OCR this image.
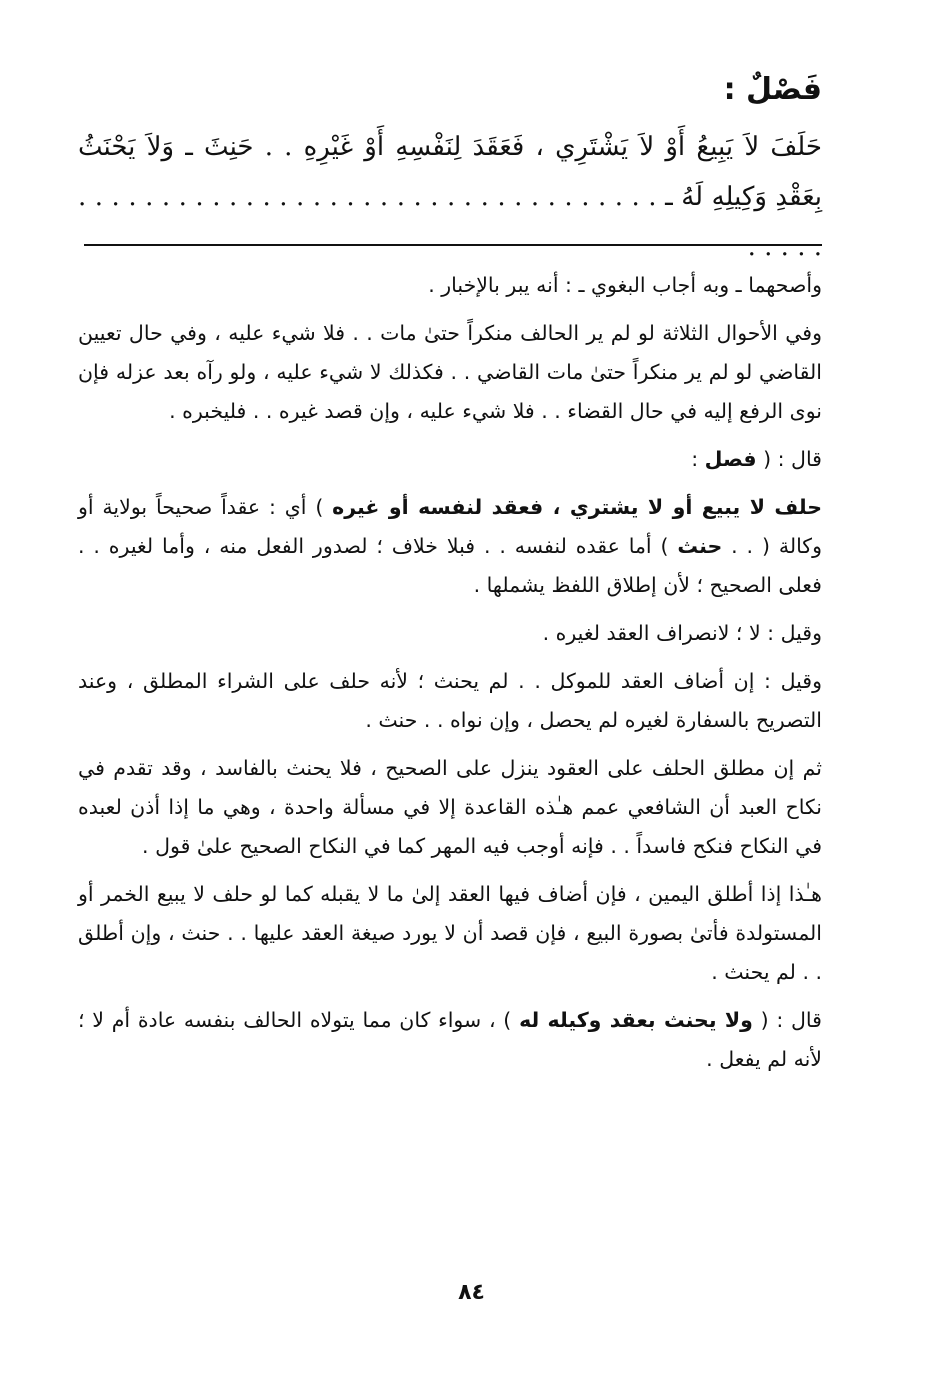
فَصْلٌ :

حَلَفَ لاَ يَبِيعُ أَوْ لاَ يَشْتَرِي ، فَعَقَدَ لِنَفْسِهِ أَوْ غَيْرِهِ . . حَنِثَ ـ وَلاَ يَحْنَثُ بِعَقْدِ وَكِيلِهِ لَهُ ـ . . . . . . . . . . . . . . . . . . . . . . . . . . . . . . . . . . . . . . . .

وأصحهما ـ وبه أجاب البغوي ـ : أنه يبر بالإخبار .

وفي الأحوال الثلاثة لو لم ير الحالف منكراً حتىٰ مات . . فلا شيء عليه ، وفي حال تعيين القاضي لو لم ير منكراً حتىٰ مات القاضي . . فكذلك لا شيء عليه ، ولو رآه بعد عزله فإن نوى الرفع إليه في حال القضاء . . فلا شيء عليه ، وإن قصد غيره . . فليخبره .

قال : ( فصل :

حلف لا يبيع أو لا يشتري ، فعقد لنفسه أو غيره ) أي : عقداً صحيحاً بولاية أو وكالة ( . . حنث ) أما عقده لنفسه . . فبلا خلاف ؛ لصدور الفعل منه ، وأما لغيره . . فعلى الصحيح ؛ لأن إطلاق اللفظ يشملها .

وقيل : لا ؛ لانصراف العقد لغيره .

وقيل : إن أضاف العقد للموكل . . لم يحنث ؛ لأنه حلف على الشراء المطلق ، وعند التصريح بالسفارة لغيره لم يحصل ، وإن نواه . . حنث .

ثم إن مطلق الحلف على العقود ينزل على الصحيح ، فلا يحنث بالفاسد ، وقد تقدم في نكاح العبد أن الشافعي عمم هـٰذه القاعدة إلا في مسألة واحدة ، وهي ما إذا أذن لعبده في النكاح فنكح فاسداً . . فإنه أوجب فيه المهر كما في النكاح الصحيح علىٰ قول .

هـٰذا إذا أطلق اليمين ، فإن أضاف فيها العقد إلىٰ ما لا يقبله كما لو حلف لا يبيع الخمر أو المستولدة فأتىٰ بصورة البيع ، فإن قصد أن لا يورد صيغة العقد عليها . . حنث ، وإن أطلق . . لم يحنث .

قال : ( ولا يحنث بعقد وكيله له ) ، سواء كان مما يتولاه الحالف بنفسه عادة أم لا ؛ لأنه لم يفعل .

٨٤
